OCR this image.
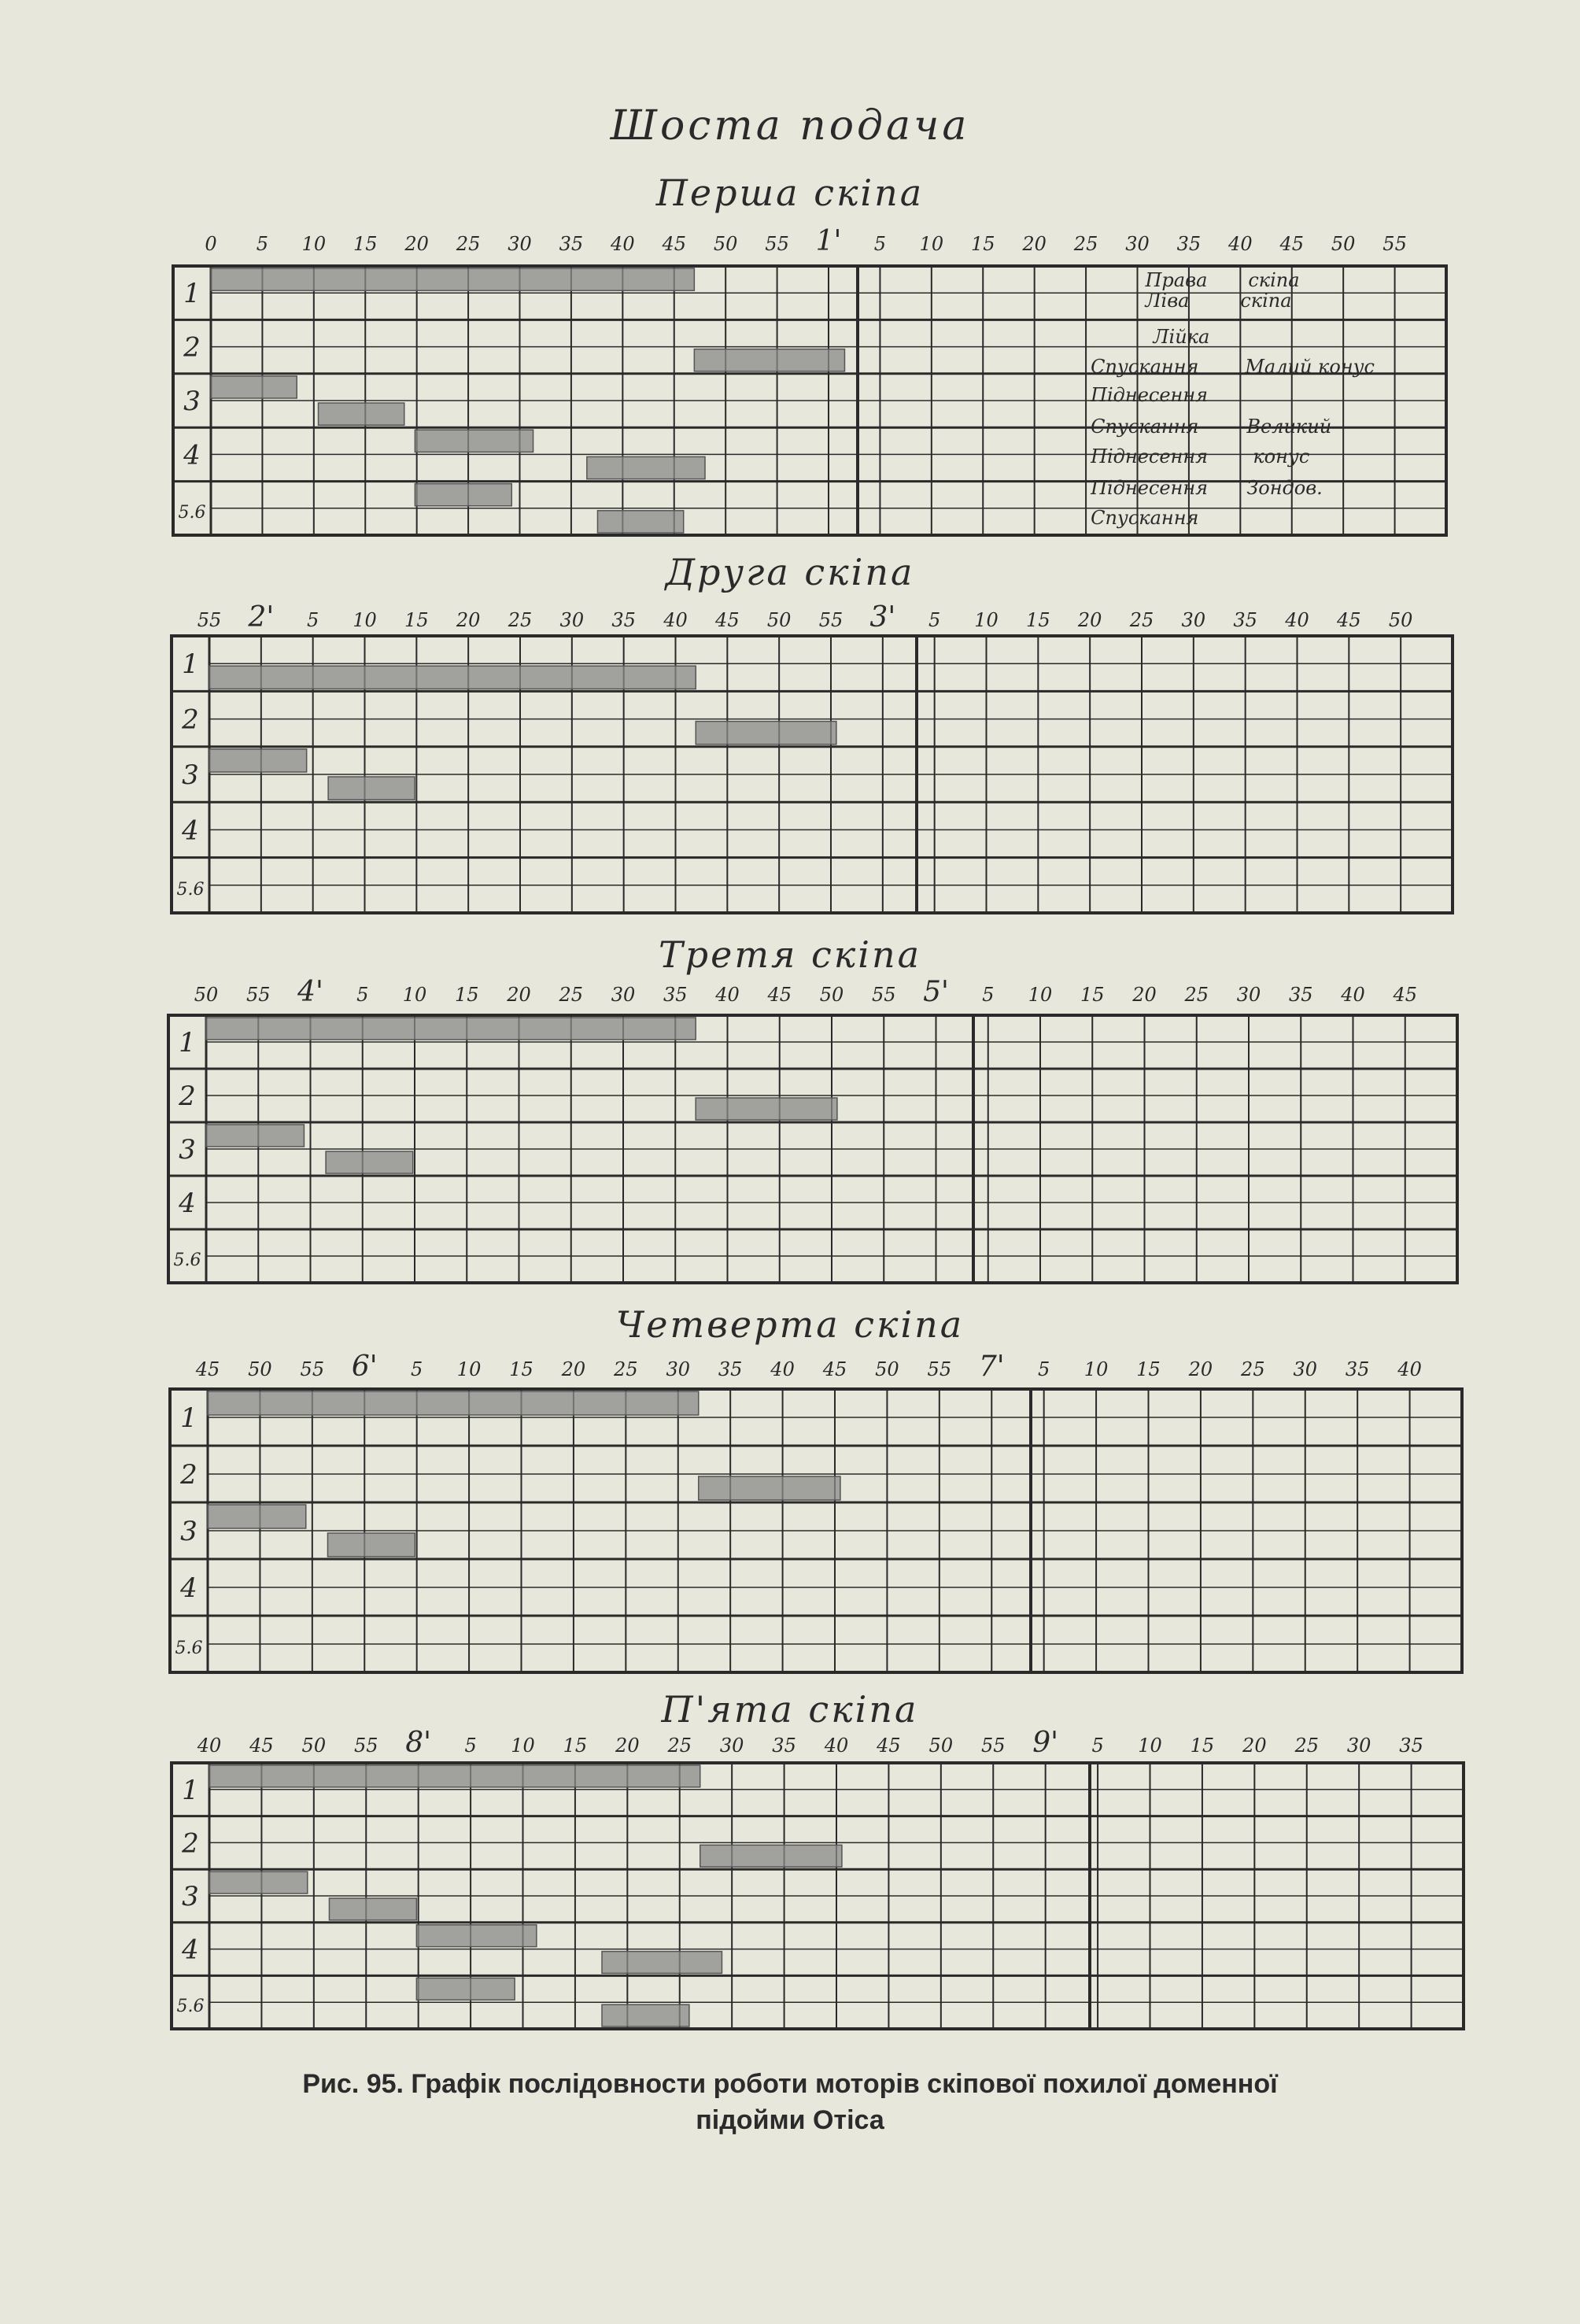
Шоста подача
Перша скіпа
0 5 10 15 20 25 30 35 40 45 50 55 1' 5 10 15 20 25 30 35 40 45 50 55
1
2
3
4
5.6
Права скіпа
Ліва	скіпа
Лійка
Спускання Малий конус
Піднесення
Спускання	Великий
Піднесення конус
Піднесення Зондов.
Спускання
Друга скіпа
55 2' 5 10 15 20 25 30 35 40 45 50 55 3' 5 10 15 20 25 30 35 40 45 50
1
2
3
4
5.6
Третя скіпа
50 55 4' 5 10 15 20 25 30 35 40 45 50 55 5' 5 10 15 20 25 30 35 40 45
1
2
3
4
5.6
Четверта скіпа
45 50 55 6' 5 10 15 20 25 30 35 40 45 50 55 7' 5 10 15 20 25 30 35 40
1
2
3
4
5.6
П'ята скіпа
40 45 50 55 8' 5 10 15 20 25 30 35 40 45 50 55 9' 5 10 15 20 25 30 35
1
2
3
4
5.6
Рис. 95. Графік послідовности роботи моторів скіпової похилої доменної
підойми Отіса
